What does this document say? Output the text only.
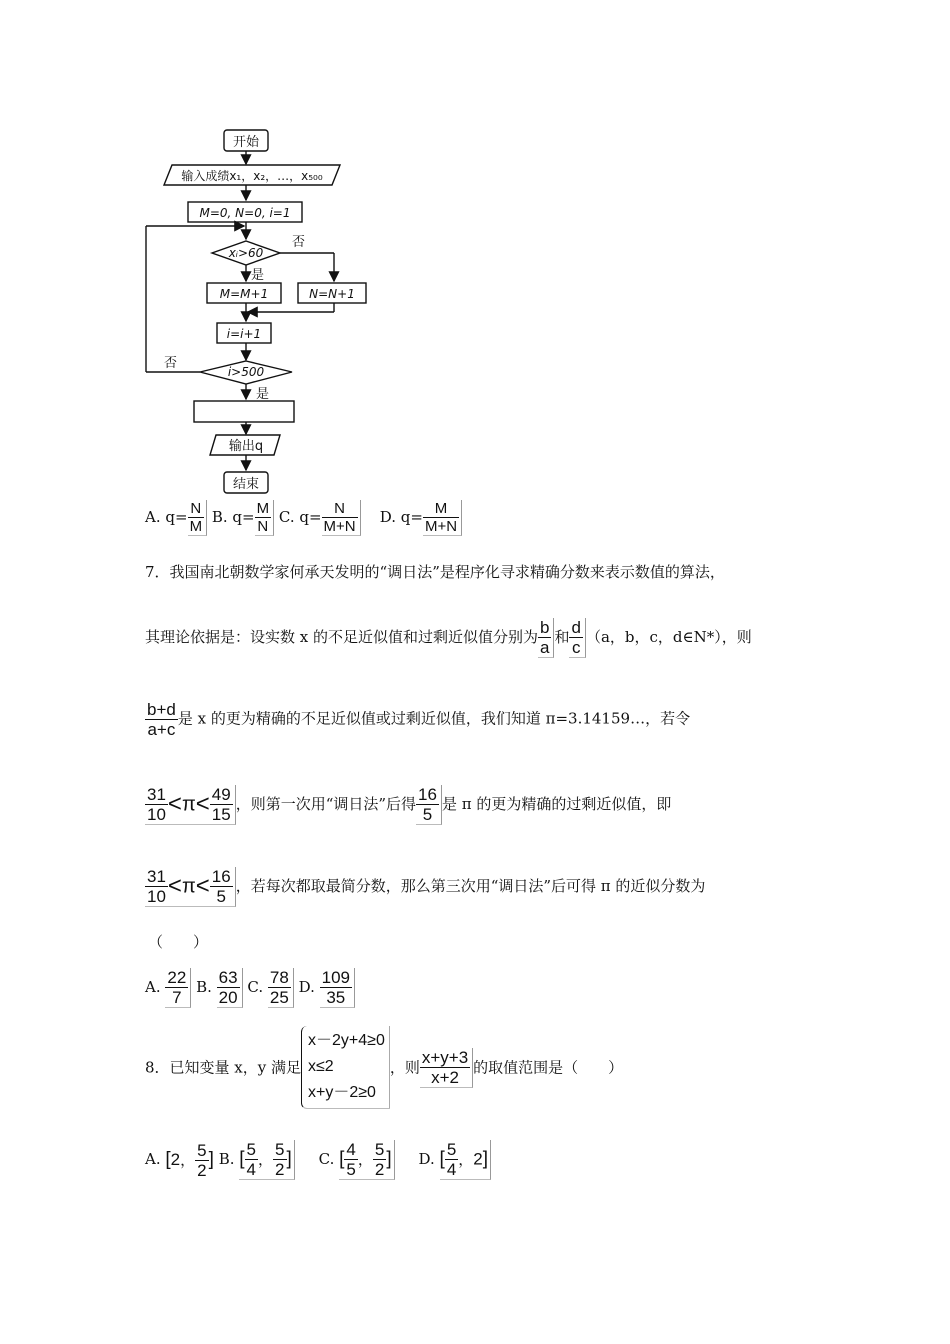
开始
输入成绩x₁，x₂，…，x₅₀₀
M=0, N=0, i=1
xᵢ>60
否
是
M=M+1	N=N+1
i=i+1
否
i>500
是
输出q
结束
A. $q= \frac{N}{M} B$. $q= \frac{M}{N} C$. $q= \frac{N}{M+N} D$. $q= \frac{M}{M+N}$
7．我国南北朝数学家何承天发明的“调日法”是程序化寻求精确分数来表示数值的算法，
其理论依据是：设实数 x 的不足近似值和过剩近似值分别为 $\frac{b}{a}$ 和 $\frac{d}{c} (a$，b，c，d∈N*），则
$\frac{b+d}{a+c}$ 是 x 的更为精确的不足近似值或过剩近似值，我们知道 π=3.14159…，若令
$\frac{31}{10} <\pi< \frac{49}{15}$ ，则第一次用“调日法”后得 $\frac{16}{5}$ 是 π 的更为精确的过剩近似值，即
$\frac{31}{10} <\pi< \frac{16}{5}$ ，若每次都取最简分数，那么第三次用“调日法”后可得 π 的近似分数为
（　　）
A. $\frac{22}{7} B$. $\frac{63}{20} C$. $\frac{78}{25} D$. $\frac{109}{35}$
8．已知变量 x，y 满足
x－2y+4≥0
x≤2
x+y－2≥0
，则 $\frac{x+y+3}{x+2}$ 的取值范围是（　　）
A. [2， $\frac{5}{2}$ ] B. [ $\frac{5}{4}$ ， $\frac{5}{2}$ ] C. [ $\frac{4}{5}$ ， $\frac{5}{2}$ ] D. [ $\frac{5}{4}$ ，2]
